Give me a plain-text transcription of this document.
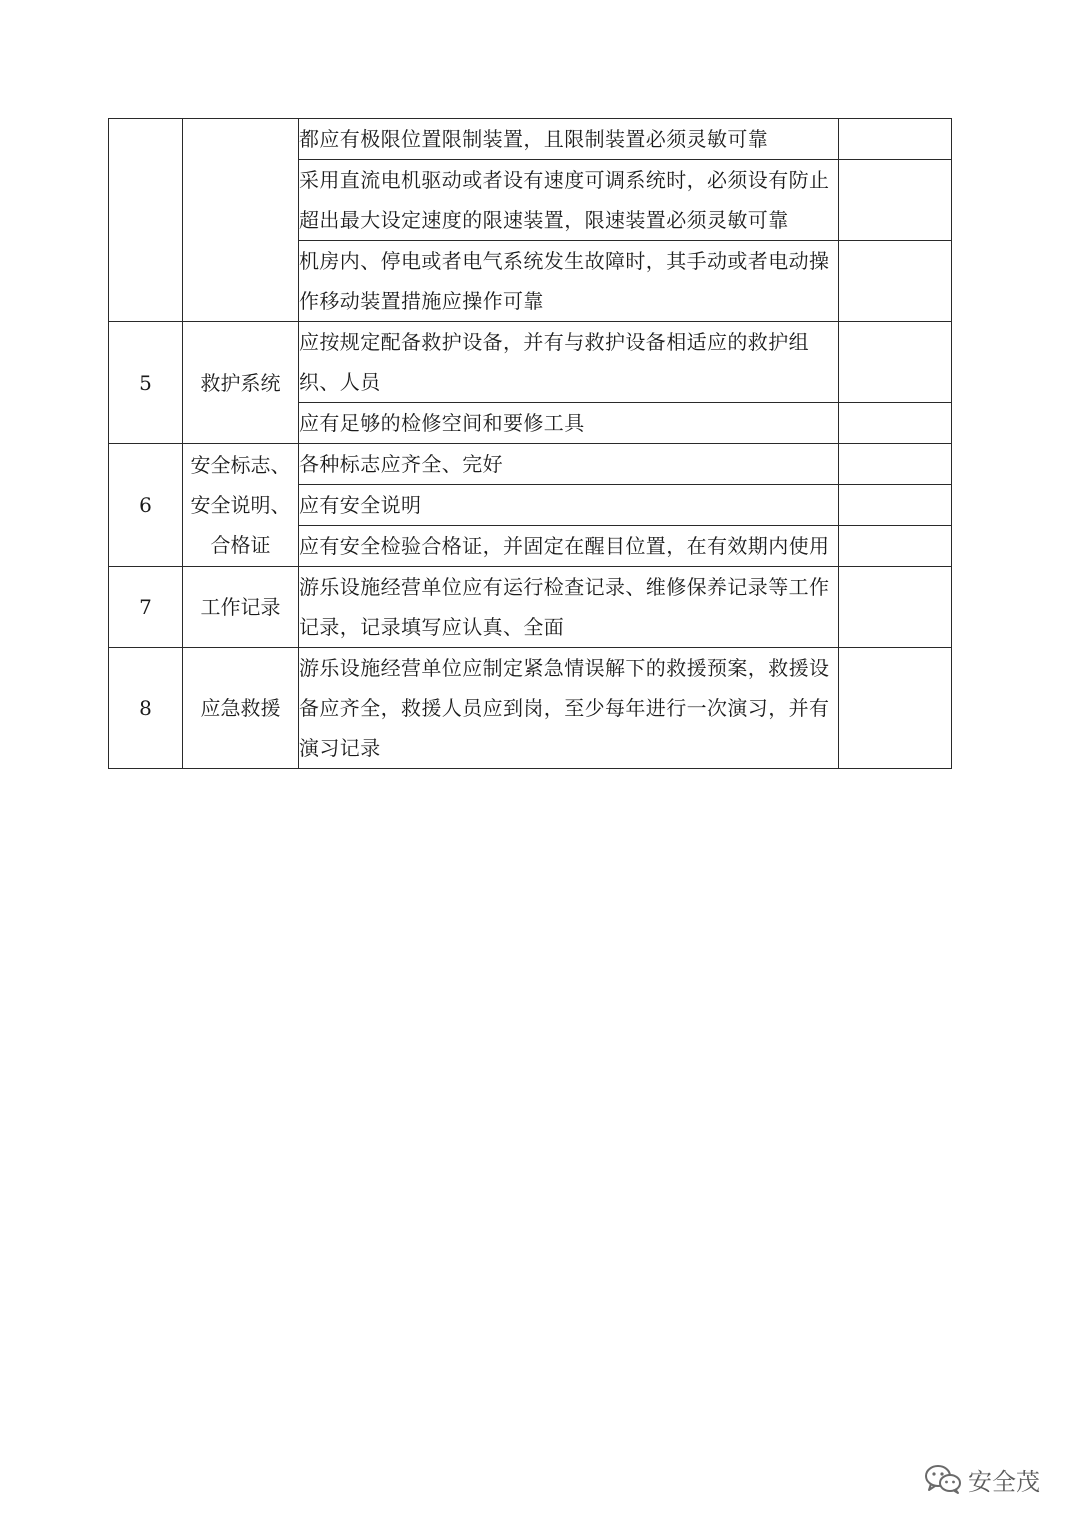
		都应有极限位置限制装置，且限制装置必须灵敏可靠	
		采用直流电机驱动或者设有速度可调系统时，必须设有防止超出最大设定速度的限速装置，限速装置必须灵敏可靠	
		机房内、停电或者电气系统发生故障时，其手动或者电动操作移动装置措施应操作可靠	
5	救护系统	应按规定配备救护设备，并有与救护设备相适应的救护组织、人员	
		应有足够的检修空间和要修工具	
6	安全标志、安全说明、合格证	各种标志应齐全、完好	
		应有安全说明	
		应有安全检验合格证，并固定在醒目位置，在有效期内使用	
7	工作记录	游乐设施经营单位应有运行检查记录、维修保养记录等工作记录，记录填写应认真、全面	
8	应急救援	游乐设施经营单位应制定紧急情误解下的救援预案，救援设备应齐全，救援人员应到岗，至少每年进行一次演习，并有演习记录	
安全茂
